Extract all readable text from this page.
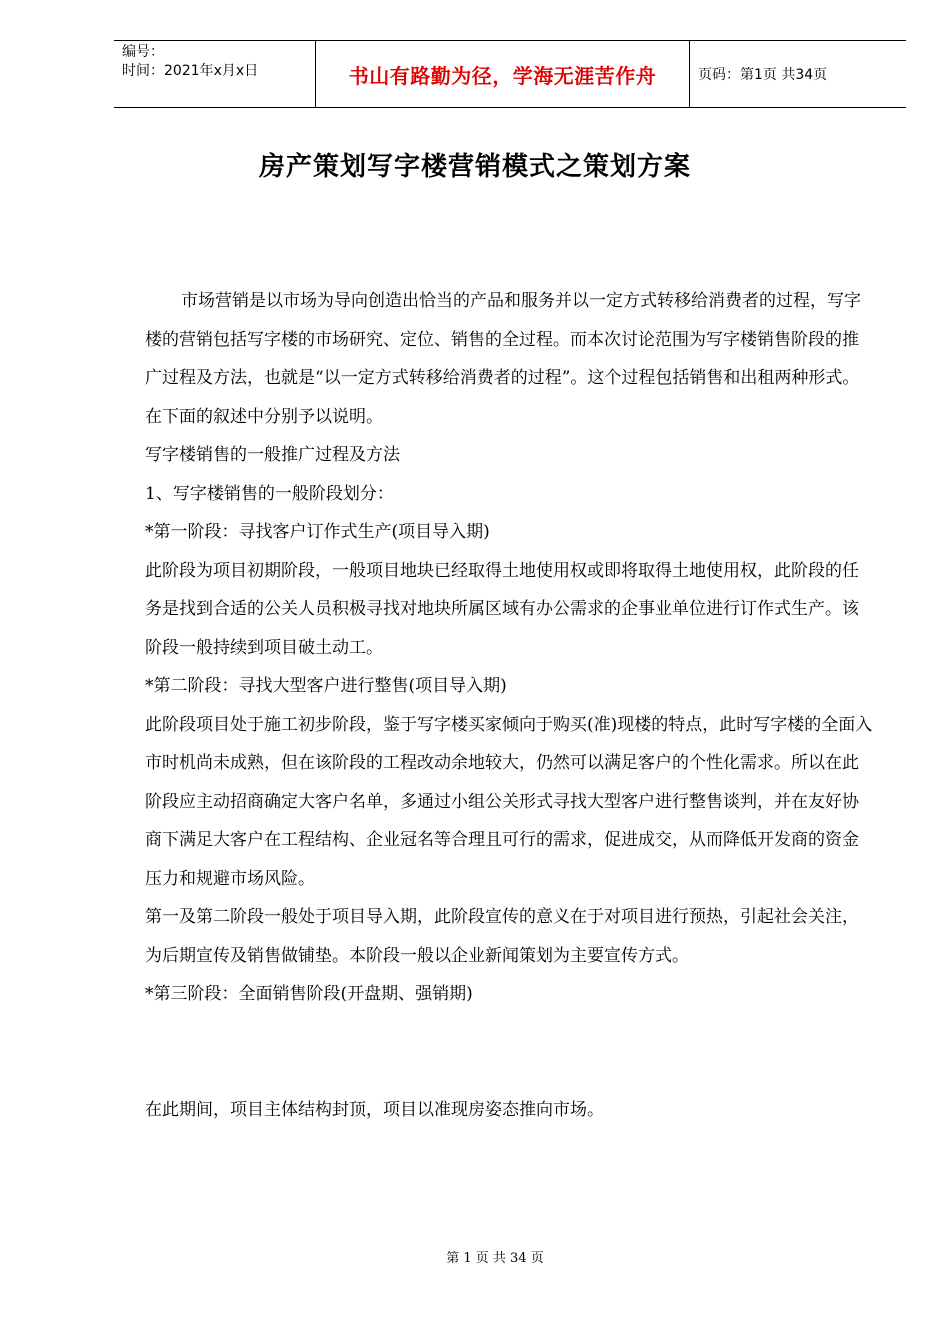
编号：
时间：2021年x月x日	书山有路勤为径，学海无涯苦作舟	页码：第1页 共34页
房产策划写字楼营销模式之策划方案

市场营销是以市场为导向创造出恰当的产品和服务并以一定方式转移给消费者的过程，写字楼的营销包括写字楼的市场研究、定位、销售的全过程。而本次讨论范围为写字楼销售阶段的推广过程及方法，也就是“以一定方式转移给消费者的过程”。这个过程包括销售和出租两种形式。在下面的叙述中分别予以说明。

写字楼销售的一般推广过程及方法

1、写字楼销售的一般阶段划分：

*第一阶段：寻找客户订作式生产(项目导入期)

此阶段为项目初期阶段，一般项目地块已经取得土地使用权或即将取得土地使用权，此阶段的任务是找到合适的公关人员积极寻找对地块所属区域有办公需求的企事业单位进行订作式生产。该阶段一般持续到项目破土动工。

*第二阶段：寻找大型客户进行整售(项目导入期)

此阶段项目处于施工初步阶段，鉴于写字楼买家倾向于购买(准)现楼的特点，此时写字楼的全面入市时机尚未成熟，但在该阶段的工程改动余地较大，仍然可以满足客户的个性化需求。所以在此阶段应主动招商确定大客户名单，多通过小组公关形式寻找大型客户进行整售谈判，并在友好协商下满足大客户在工程结构、企业冠名等合理且可行的需求，促进成交，从而降低开发商的资金压力和规避市场风险。

第一及第二阶段一般处于项目导入期，此阶段宣传的意义在于对项目进行预热，引起社会关注，为后期宣传及销售做铺垫。本阶段一般以企业新闻策划为主要宣传方式。

*第三阶段：全面销售阶段(开盘期、强销期)

在此期间，项目主体结构封顶，项目以准现房姿态推向市场。

第 1 页 共 34 页
